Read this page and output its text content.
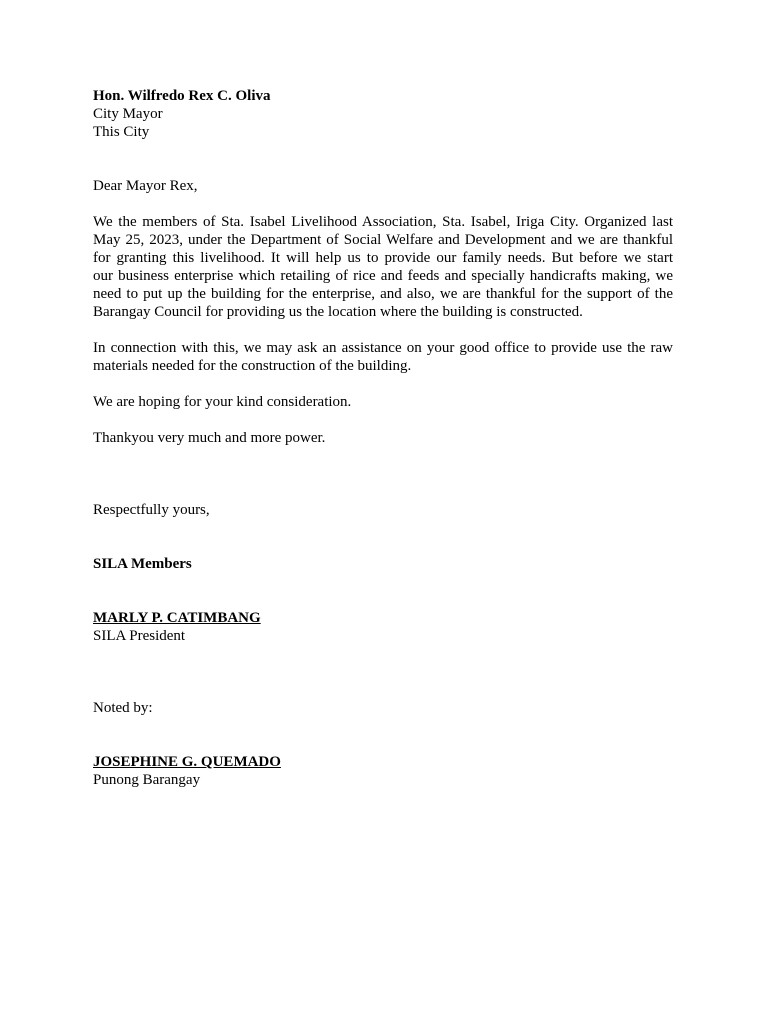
Hon. Wilfredo Rex C. Oliva
City Mayor
This City
Dear Mayor Rex,
We the members of Sta. Isabel Livelihood Association, Sta. Isabel, Iriga City. Organized last
May 25, 2023, under the Department of Social Welfare and Development and we are thankful
for granting this livelihood. It will help us to provide our family needs. But before we start
our business enterprise which retailing of rice and feeds and specially handicrafts making, we
need to put up the building for the enterprise, and also, we are thankful for the support of the
Barangay Council for providing us the location where the building is constructed.
In connection with this, we may ask an assistance on your good office to provide use the raw
materials needed for the construction of the building.
We are hoping for your kind consideration.
Thankyou very much and more power.
Respectfully yours,
SILA Members
MARLY P. CATIMBANG
SILA President
Noted by:
JOSEPHINE G. QUEMADO
Punong Barangay
